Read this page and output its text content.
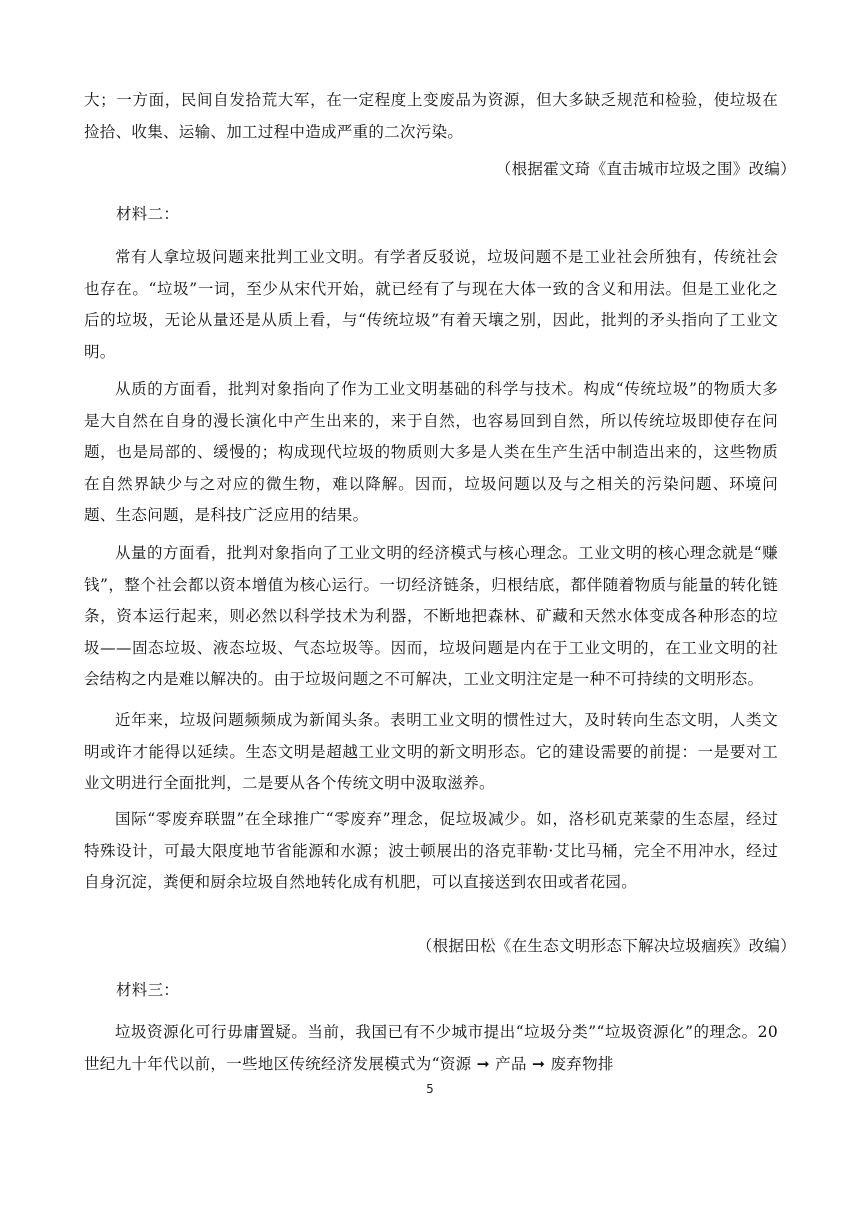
大；一方面，民间自发拾荒大军，在一定程度上变废品为资源，但大多缺乏规范和检验，使垃圾在捡拾、收集、运输、加工过程中造成严重的二次污染。

（根据霍文琦《直击城市垃圾之围》改编）

材料二：

常有人拿垃圾问题来批判工业文明。有学者反驳说，垃圾问题不是工业社会所独有，传统社会也存在。“垃圾”一词，至少从宋代开始，就已经有了与现在大体一致的含义和用法。但是工业化之后的垃圾，无论从量还是从质上看，与“传统垃圾”有着天壤之别，因此，批判的矛头指向了工业文明。

从质的方面看，批判对象指向了作为工业文明基础的科学与技术。构成“传统垃圾”的物质大多是大自然在自身的漫长演化中产生出来的，来于自然，也容易回到自然，所以传统垃圾即使存在问题，也是局部的、缓慢的；构成现代垃圾的物质则大多是人类在生产生活中制造出来的，这些物质在自然界缺少与之对应的微生物，难以降解。因而，垃圾问题以及与之相关的污染问题、环境问题、生态问题，是科技广泛应用的结果。

从量的方面看，批判对象指向了工业文明的经济模式与核心理念。工业文明的核心理念就是“赚钱”，整个社会都以资本增值为核心运行。一切经济链条，归根结底，都伴随着物质与能量的转化链条，资本运行起来，则必然以科学技术为利器，不断地把森林、矿藏和天然水体变成各种形态的垃圾——固态垃圾、液态垃圾、气态垃圾等。因而，垃圾问题是内在于工业文明的，在工业文明的社会结构之内是难以解决的。由于垃圾问题之不可解决，工业文明注定是一种不可持续的文明形态。

近年来，垃圾问题频频成为新闻头条。表明工业文明的惯性过大，及时转向生态文明，人类文明或许才能得以延续。生态文明是超越工业文明的新文明形态。它的建设需要的前提：一是要对工业文明进行全面批判，二是要从各个传统文明中汲取滋养。

国际“零废弃联盟”在全球推广“零废弃”理念，促垃圾减少。如，洛杉矶克莱蒙的生态屋，经过特殊设计，可最大限度地节省能源和水源；波士顿展出的洛克菲勒·艾比马桶，完全不用冲水，经过自身沉淀，粪便和厨余垃圾自然地转化成有机肥，可以直接送到农田或者花园。

（根据田松《在生态文明形态下解决垃圾痼疾》改编）

材料三：

垃圾资源化可行毋庸置疑。当前，我国已有不少城市提出“垃圾分类”“垃圾资源化”的理念。20世纪九十年代以前，一些地区传统经济发展模式为“资源 ➞ 产品 ➞ 废弃物排

5
